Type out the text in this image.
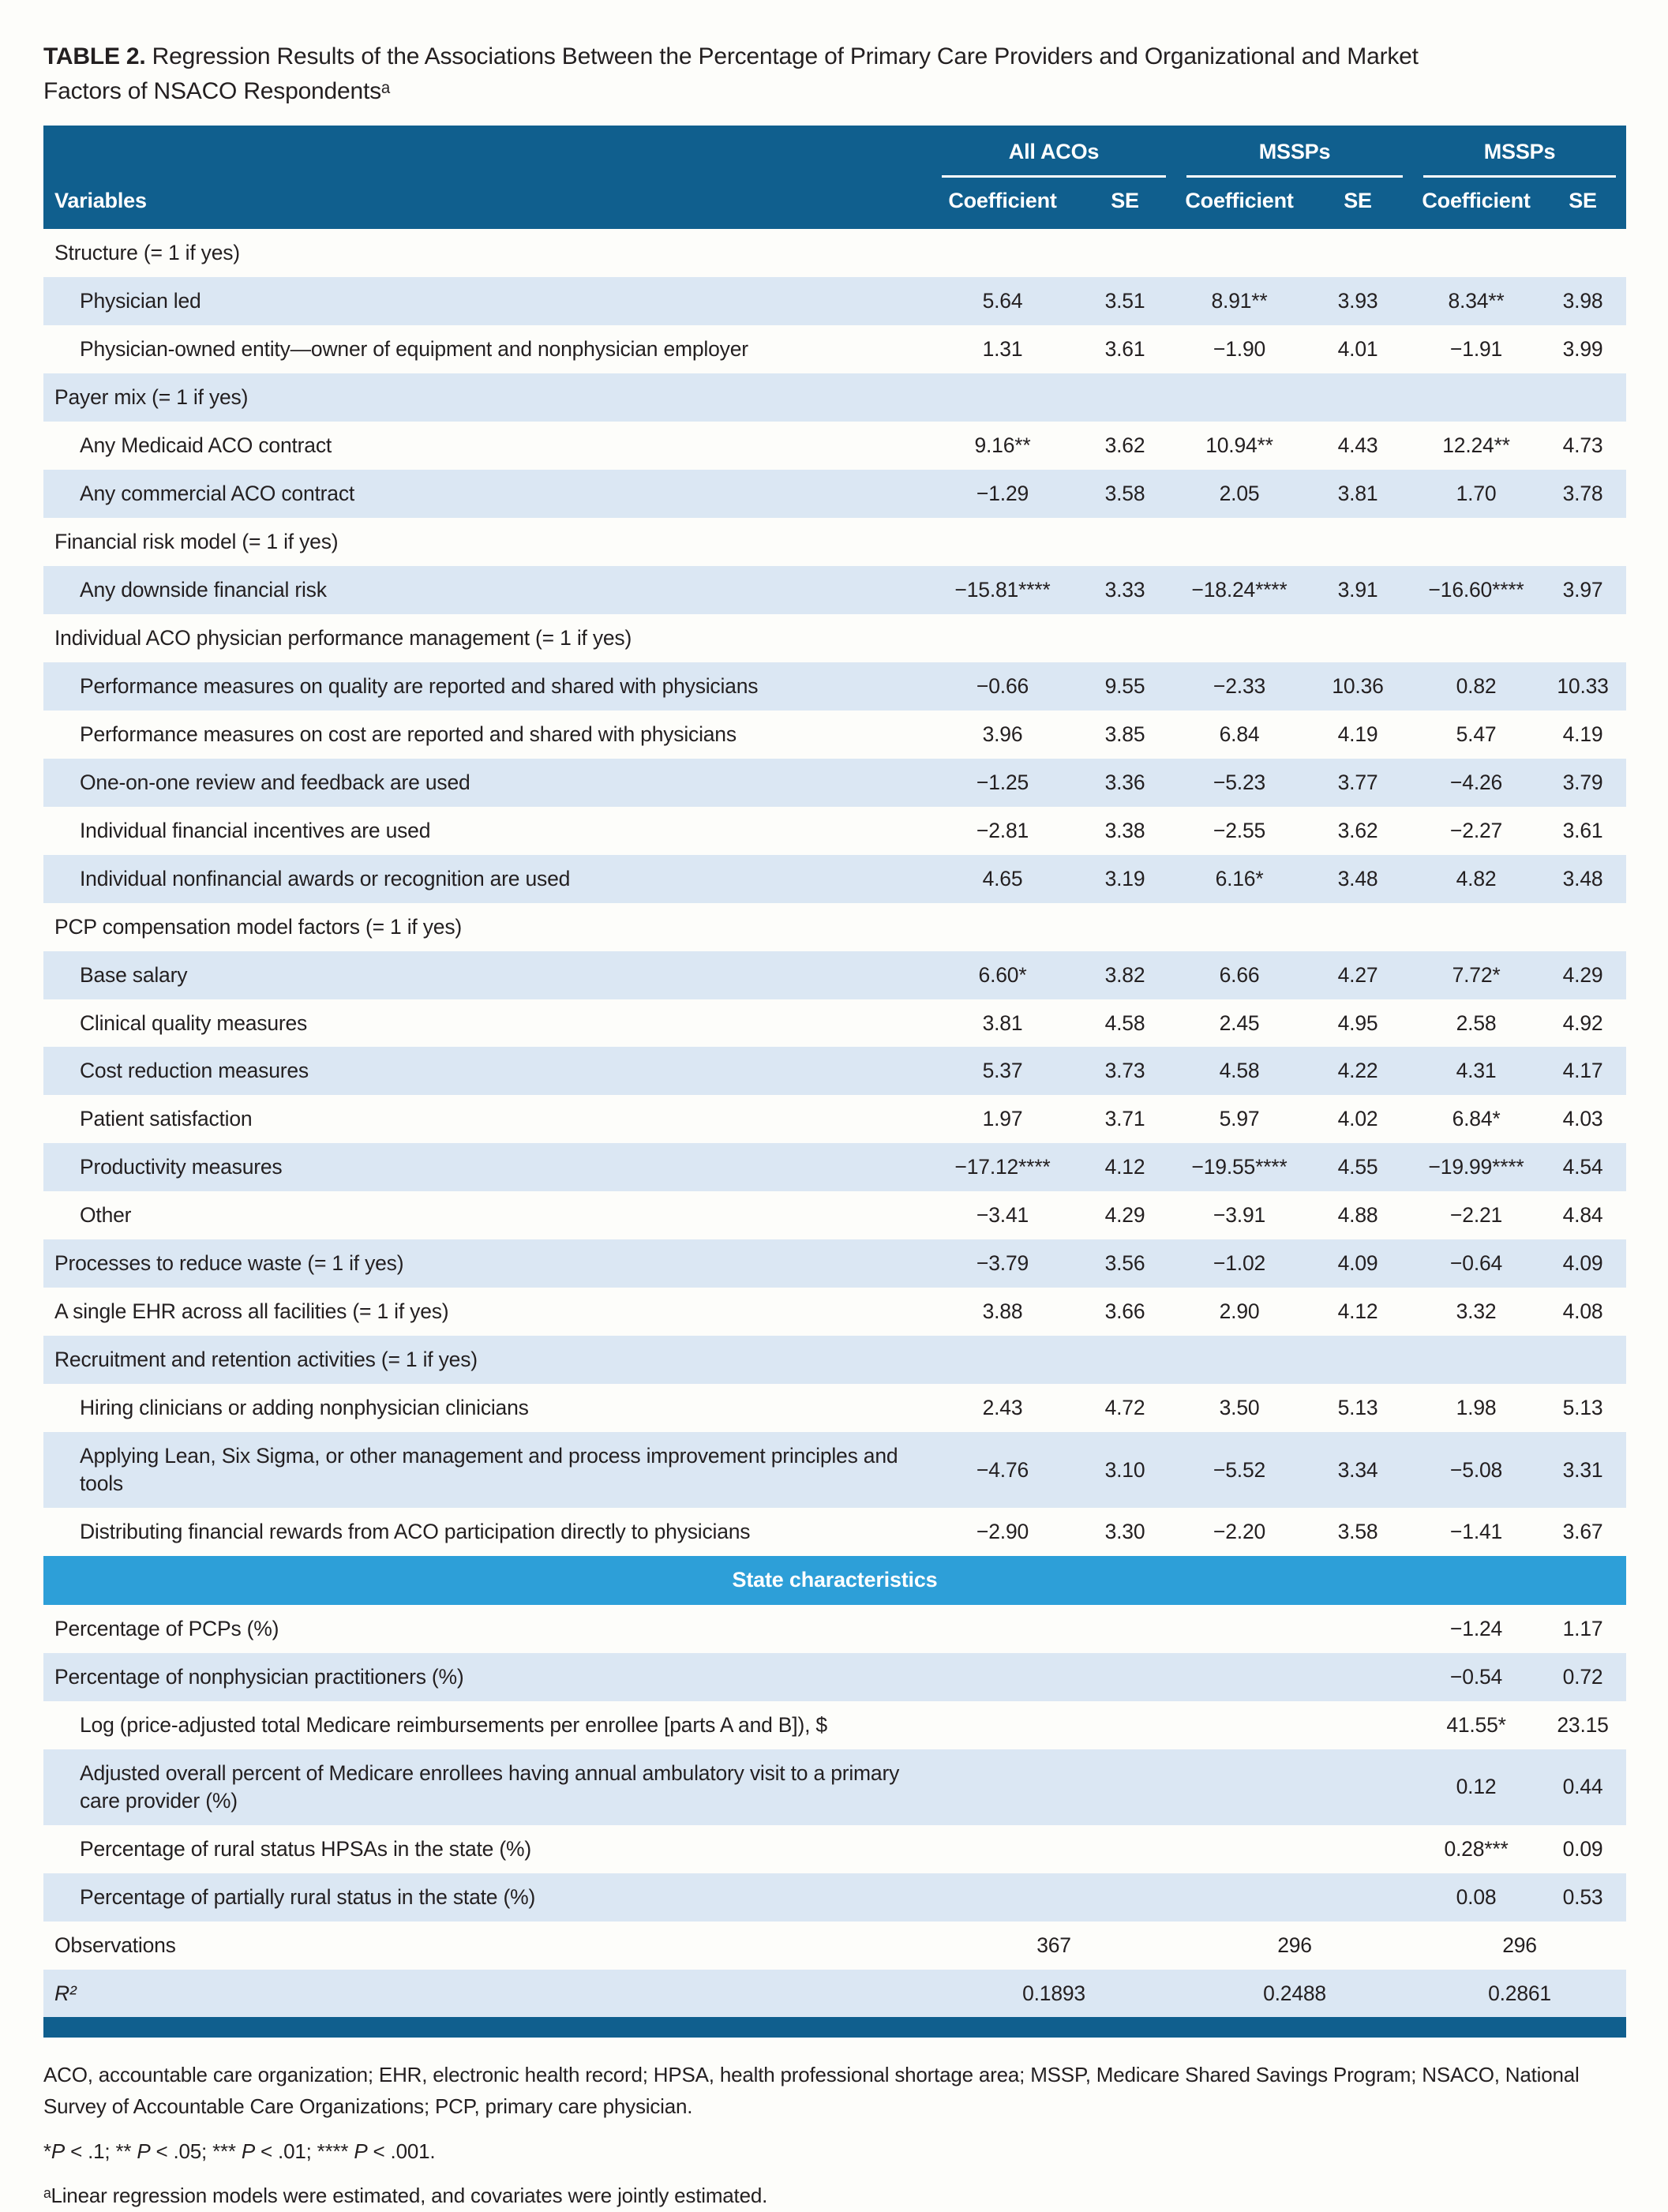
TABLE 2. Regression Results of the Associations Between the Percentage of Primary Care Providers and Organizational and Market Factors of NSACO Respondentsᵃ

Variables	All ACOs		MSSPs		MSSPs	

	Coefficient	SE	Coefficient	SE	Coefficient	SE
Structure (= 1 if yes)						
Physician led	5.64	3.51	8.91**	3.93	8.34**	3.98
Physician-owned entity—owner of equipment and nonphysician employer	1.31	3.61	−1.90	4.01	−1.91	3.99
Payer mix (= 1 if yes)						
Any Medicaid ACO contract	9.16**	3.62	10.94**	4.43	12.24**	4.73
Any commercial ACO contract	−1.29	3.58	2.05	3.81	1.70	3.78
Financial risk model (= 1 if yes)						
Any downside financial risk	−15.81****	3.33	−18.24****	3.91	−16.60****	3.97
Individual ACO physician performance management (= 1 if yes)						
Performance measures on quality are reported and shared with physicians	−0.66	9.55	−2.33	10.36	0.82	10.33
Performance measures on cost are reported and shared with physicians	3.96	3.85	6.84	4.19	5.47	4.19
One-on-one review and feedback are used	−1.25	3.36	−5.23	3.77	−4.26	3.79
Individual financial incentives are used	−2.81	3.38	−2.55	3.62	−2.27	3.61
Individual nonfinancial awards or recognition are used	4.65	3.19	6.16*	3.48	4.82	3.48
PCP compensation model factors (= 1 if yes)						
Base salary	6.60*	3.82	6.66	4.27	7.72*	4.29
Clinical quality measures	3.81	4.58	2.45	4.95	2.58	4.92
Cost reduction measures	5.37	3.73	4.58	4.22	4.31	4.17
Patient satisfaction	1.97	3.71	5.97	4.02	6.84*	4.03
Productivity measures	−17.12****	4.12	−19.55****	4.55	−19.99****	4.54
Other	−3.41	4.29	−3.91	4.88	−2.21	4.84
Processes to reduce waste (= 1 if yes)	−3.79	3.56	−1.02	4.09	−0.64	4.09
A single EHR across all facilities (= 1 if yes)	3.88	3.66	2.90	4.12	3.32	4.08
Recruitment and retention activities (= 1 if yes)						
Hiring clinicians or adding nonphysician clinicians	2.43	4.72	3.50	5.13	1.98	5.13
Applying Lean, Six Sigma, or other management and process improvement principles and tools	−4.76	3.10	−5.52	3.34	−5.08	3.31
Distributing financial rewards from ACO participation directly to physicians	−2.90	3.30	−2.20	3.58	−1.41	3.67
State characteristics						
Percentage of PCPs (%)					−1.24	1.17
Percentage of nonphysician practitioners (%)					−0.54	0.72
Log (price-adjusted total Medicare reimbursements per enrollee [parts A and B]), $					41.55*	23.15
Adjusted overall percent of Medicare enrollees having annual ambulatory visit to a primary care provider (%)					0.12	0.44
Percentage of rural status HPSAs in the state (%)					0.28***	0.09
Percentage of partially rural status in the state (%)					0.08	0.53
Observations	367		296		296	
R²	0.1893		0.2488		0.2861	

ACO, accountable care organization; EHR, electronic health record; HPSA, health professional shortage area; MSSP, Medicare Shared Savings Program; NSACO, National Survey of Accountable Care Organizations; PCP, primary care physician.

*P < .1; ** P < .05; *** P < .01; **** P < .001.

ᵃLinear regression models were estimated, and covariates were jointly estimated.
